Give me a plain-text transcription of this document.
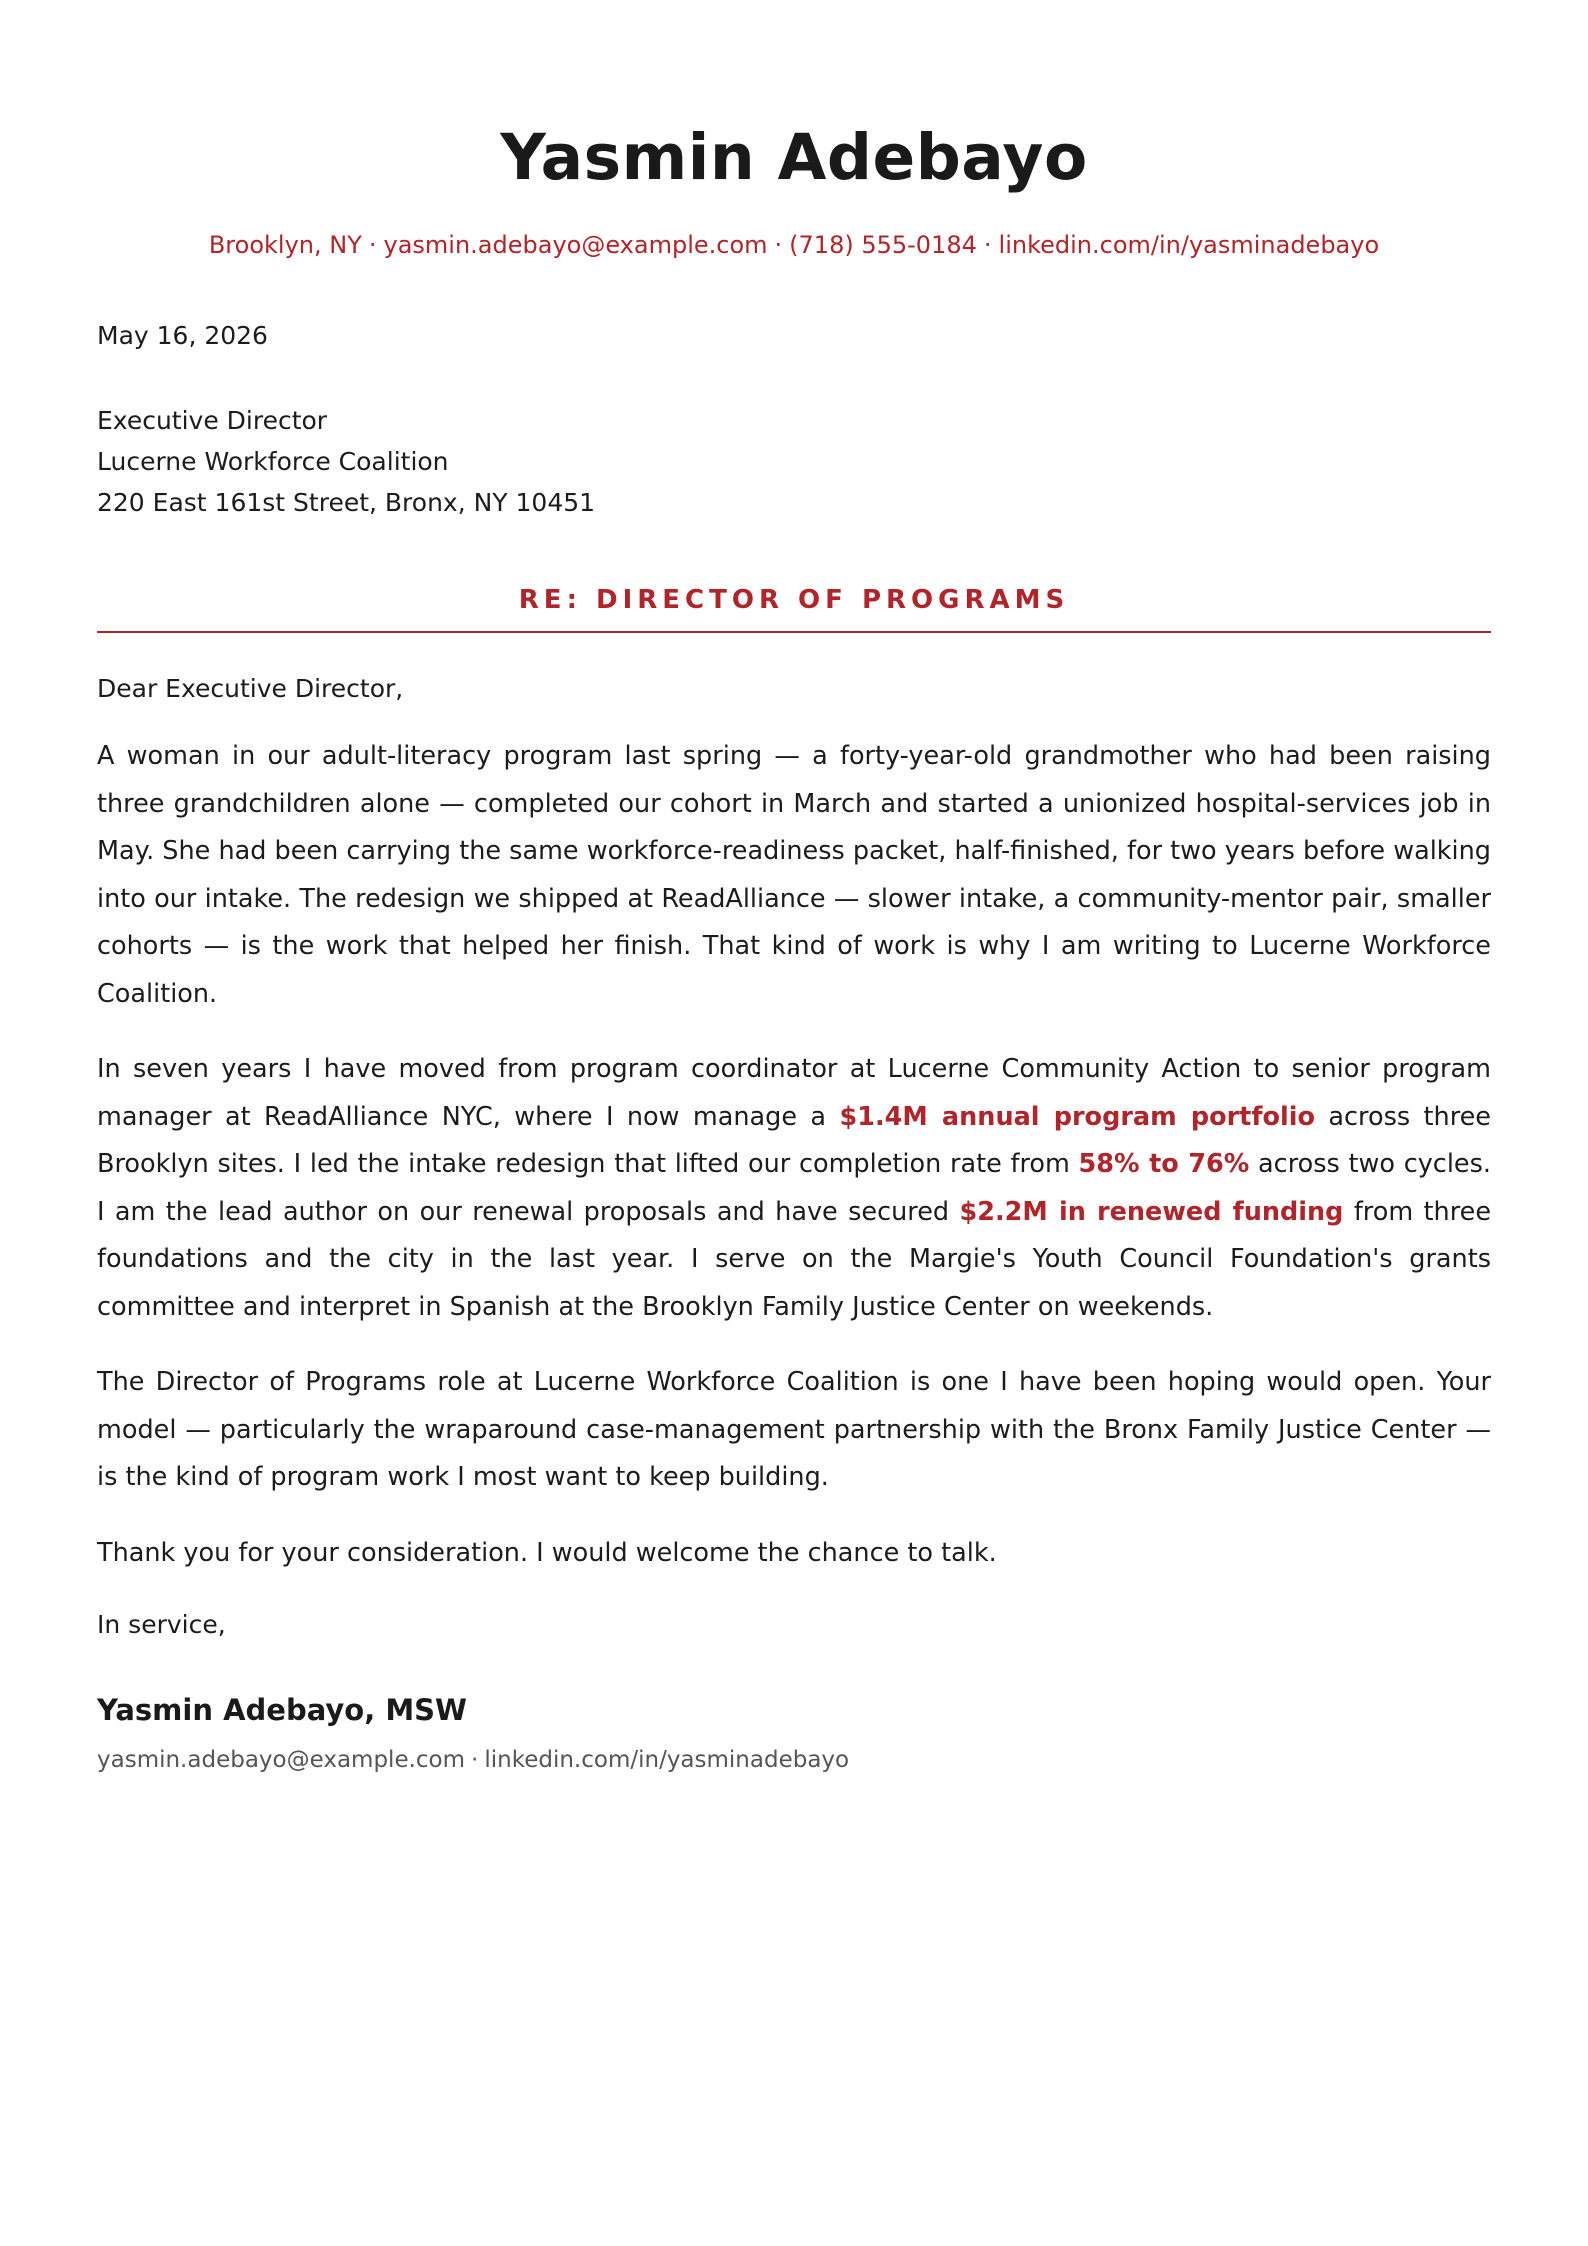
Yasmin Adebayo
Brooklyn, NY · yasmin.adebayo@example.com · (718) 555-0184 · linkedin.com/in/yasminadebayo
May 16, 2026
Executive Director
Lucerne Workforce Coalition
220 East 161st Street, Bronx, NY 10451
RE: DIRECTOR OF PROGRAMS
Dear Executive Director,

A woman in our adult-literacy program last spring — a forty-year-old grandmother who had been raising three grandchildren alone — completed our cohort in March and started a unionized hospital-services job in May. She had been carrying the same workforce-readiness packet, half-finished, for two years before walking into our intake. The redesign we shipped at ReadAlliance — slower intake, a community-mentor pair, smaller cohorts — is the work that helped her finish. That kind of work is why I am writing to Lucerne Workforce Coalition.

In seven years I have moved from program coordinator at Lucerne Community Action to senior program manager at ReadAlliance NYC, where I now manage a $1.4M annual program portfolio across three Brooklyn sites. I led the intake redesign that lifted our completion rate from 58% to 76% across two cycles. I am the lead author on our renewal proposals and have secured $2.2M in renewed funding from three foundations and the city in the last year. I serve on the Margie's Youth Council Foundation's grants committee and interpret in Spanish at the Brooklyn Family Justice Center on weekends.

The Director of Programs role at Lucerne Workforce Coalition is one I have been hoping would open. Your model — particularly the wraparound case-management partnership with the Bronx Family Justice Center — is the kind of program work I most want to keep building.

Thank you for your consideration. I would welcome the chance to talk.

In service,
Yasmin Adebayo, MSW
yasmin.adebayo@example.com · linkedin.com/in/yasminadebayo
